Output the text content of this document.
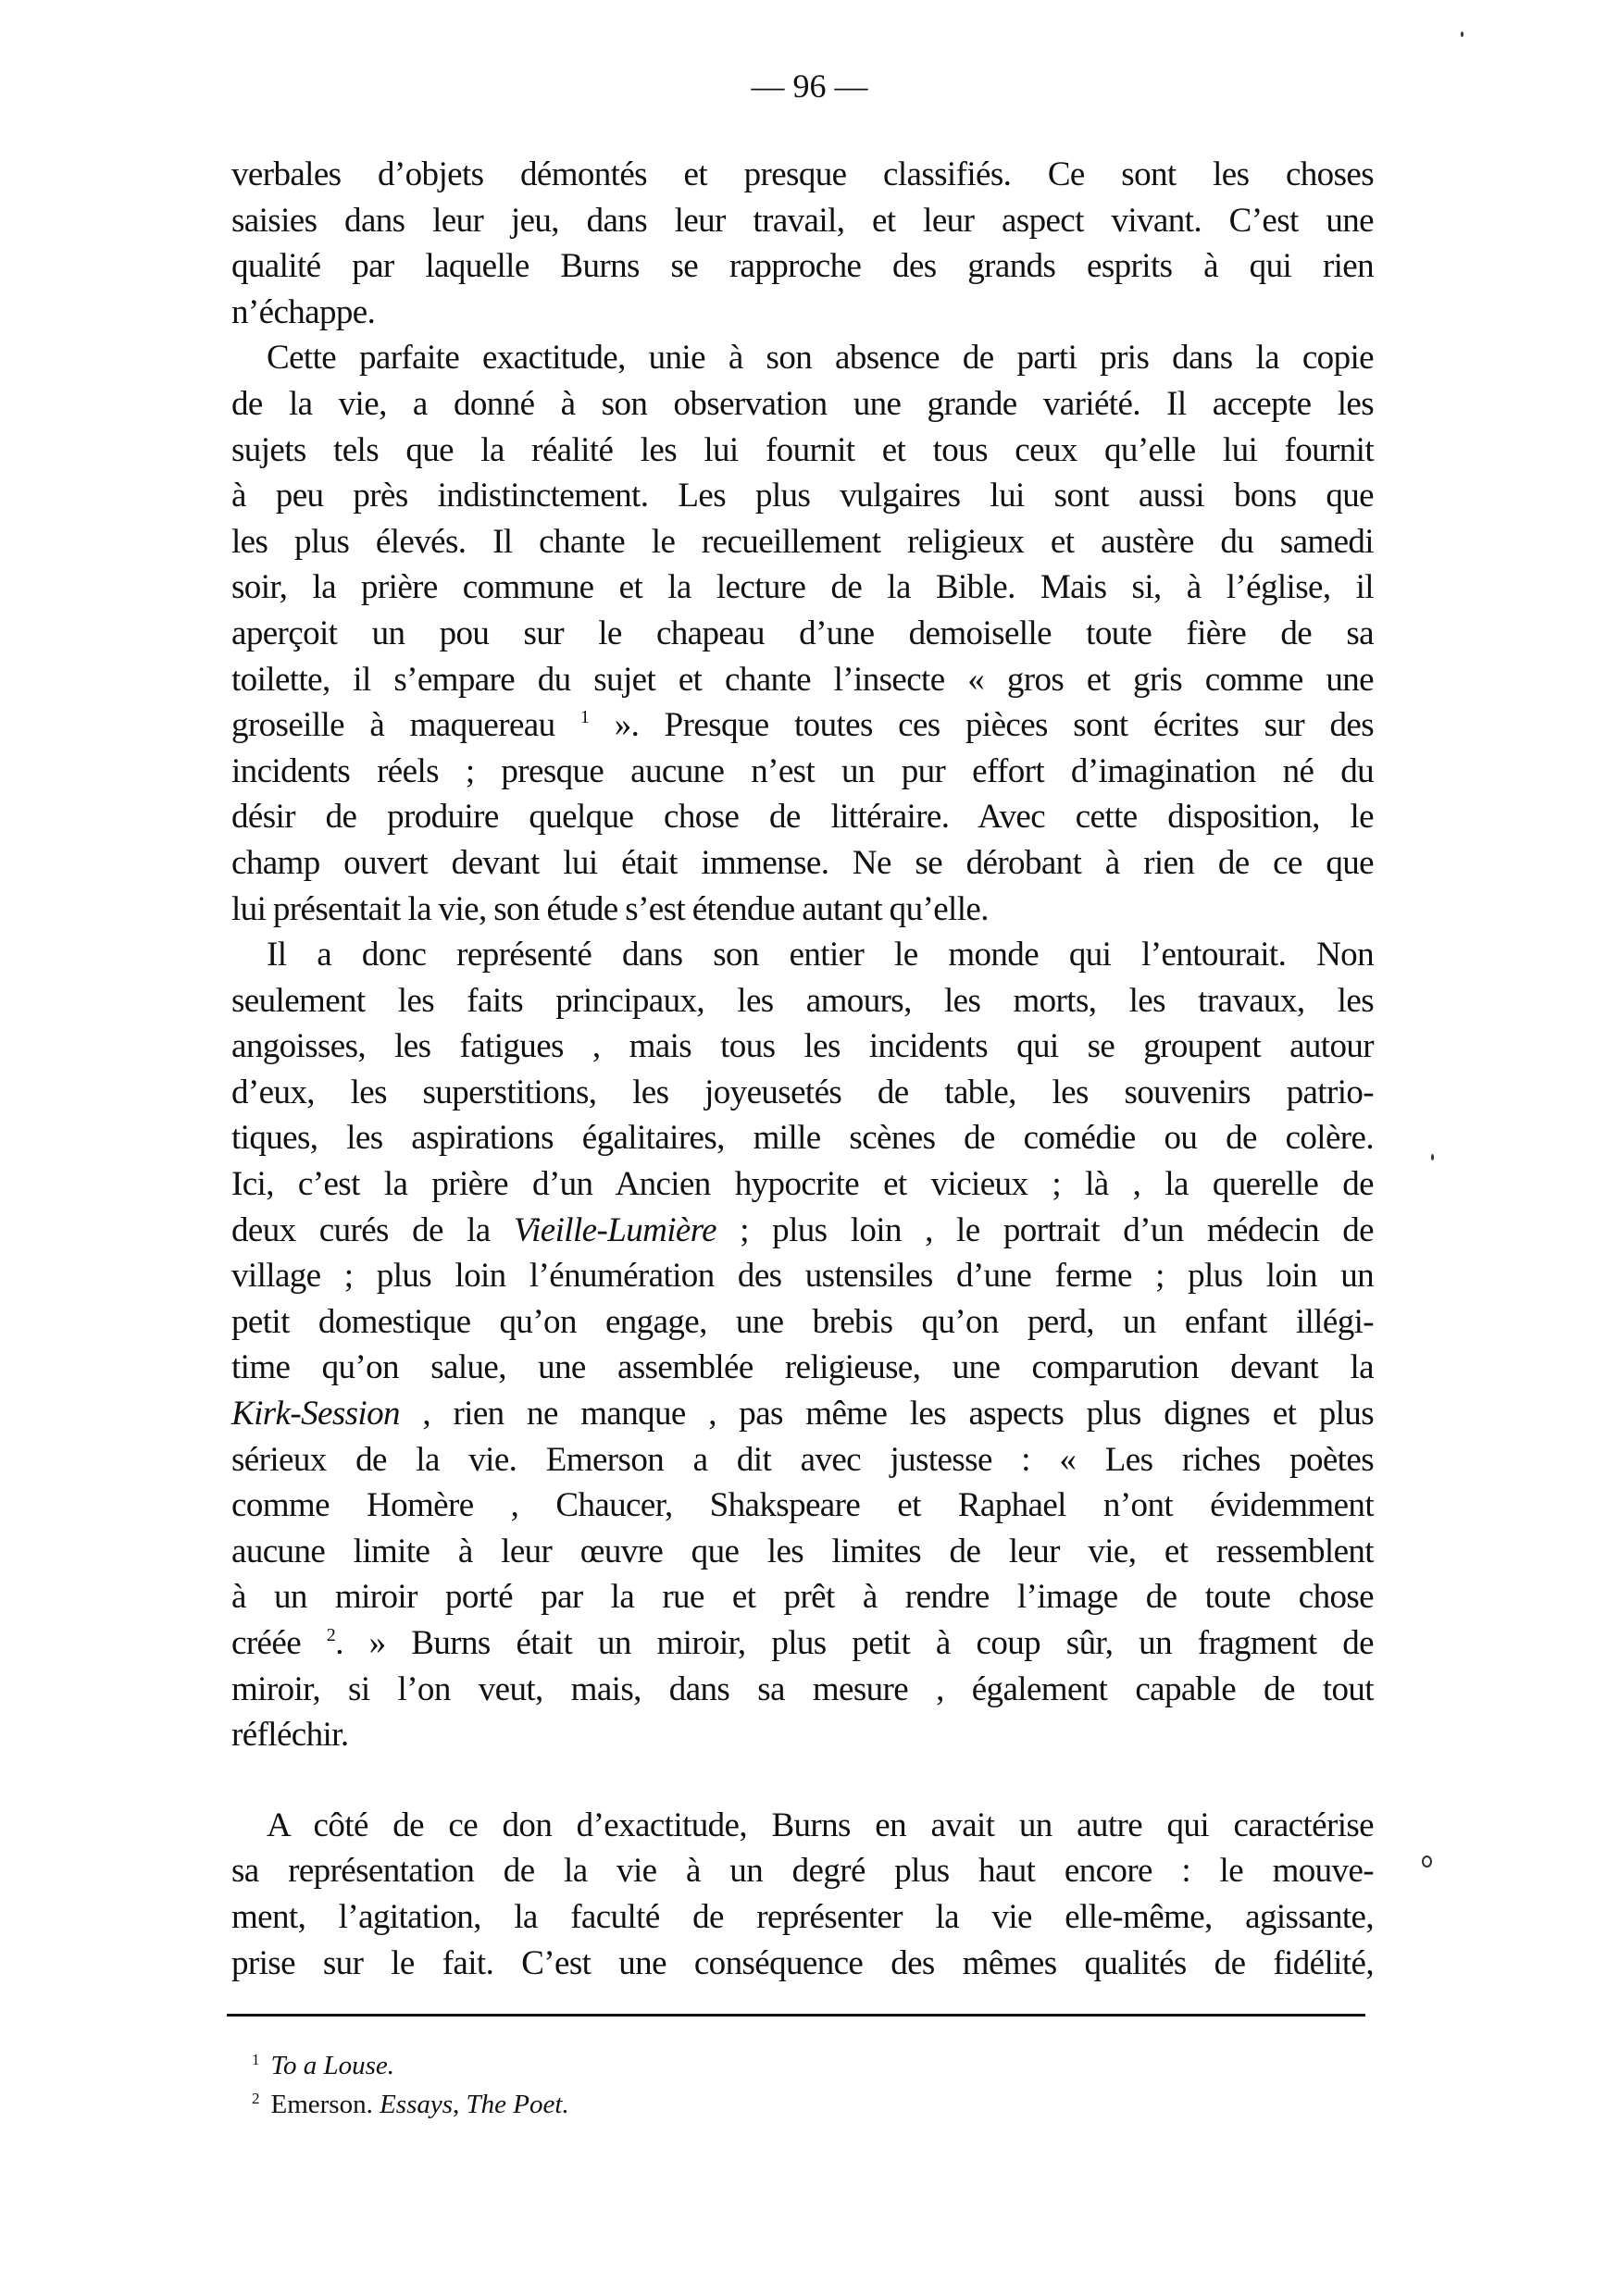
— 96 —
verbales d’objets démontés et presque classifiés. Ce sont les choses
saisies dans leur jeu, dans leur travail, et leur aspect vivant. C’est une
qualité par laquelle Burns se rapproche des grands esprits à qui rien
n’échappe.
Cette parfaite exactitude, unie à son absence de parti pris dans la copie
de la vie, a donné à son observation une grande variété. Il accepte les
sujets tels que la réalité les lui fournit et tous ceux qu’elle lui fournit
à peu près indistinctement. Les plus vulgaires lui sont aussi bons que
les plus élevés. Il chante le recueillement religieux et austère du samedi
soir, la prière commune et la lecture de la Bible. Mais si, à l’église, il
aperçoit un pou sur le chapeau d’une demoiselle toute fière de sa
toilette, il s’empare du sujet et chante l’insecte « gros et gris comme une
groseille à maquereau $^1$ ». Presque toutes ces pièces sont écrites sur des
incidents réels ; presque aucune n’est un pur effort d’imagination né du
désir de produire quelque chose de littéraire. Avec cette disposition, le
champ ouvert devant lui était immense. Ne se dérobant à rien de ce que
lui présentait la vie, son étude s’est étendue autant qu’elle.
Il a donc représenté dans son entier le monde qui l’entourait. Non
seulement les faits principaux, les amours, les morts, les travaux, les
angoisses, les fatigues , mais tous les incidents qui se groupent autour
d’eux, les superstitions, les joyeusetés de table, les souvenirs patrio-
tiques, les aspirations égalitaires, mille scènes de comédie ou de colère.
Ici, c’est la prière d’un Ancien hypocrite et vicieux ; là , la querelle de
deux curés de la Vieille-Lumière ; plus loin , le portrait d’un médecin de
village ; plus loin l’énumération des ustensiles d’une ferme ; plus loin un
petit domestique qu’on engage, une brebis qu’on perd, un enfant illégi-
time qu’on salue, une assemblée religieuse, une comparution devant la
Kirk-Session , rien ne manque , pas même les aspects plus dignes et plus
sérieux de la vie. Emerson a dit avec justesse : « Les riches poètes
comme Homère , Chaucer, Shakspeare et Raphael n’ont évidemment
aucune limite à leur œuvre que les limites de leur vie, et ressemblent
à un miroir porté par la rue et prêt à rendre l’image de toute chose
créée $^2$. » Burns était un miroir, plus petit à coup sûr, un fragment de
miroir, si l’on veut, mais, dans sa mesure , également capable de tout
réfléchir.
A côté de ce don d’exactitude, Burns en avait un autre qui caractérise
sa représentation de la vie à un degré plus haut encore : le mouve-
ment, l’agitation, la faculté de représenter la vie elle-même, agissante,
prise sur le fait. C’est une conséquence des mêmes qualités de fidélité,
$^1$ To a Louse.
$^2$ Emerson. Essays, The Poet.
